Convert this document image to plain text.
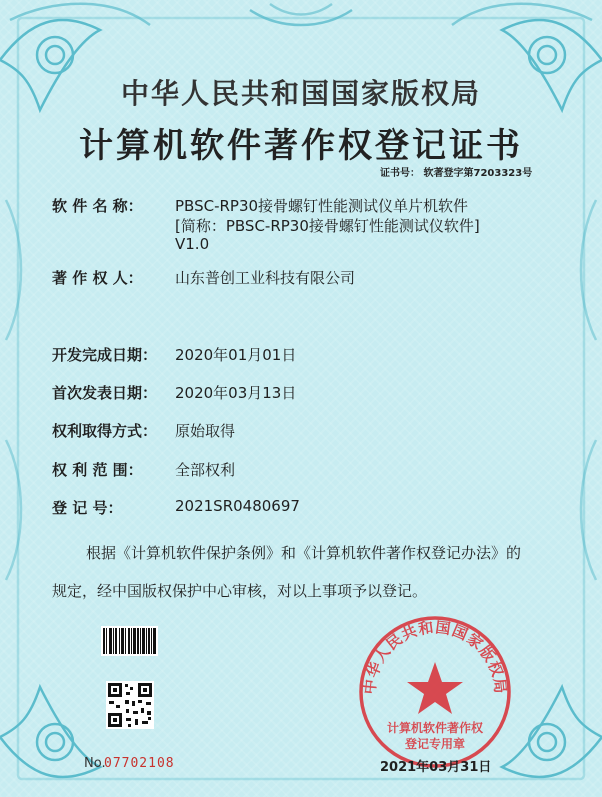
中华人民共和国国家版权局
计算机软件著作权登记证书
证书号： 软著登字第7203323号
软 件 名 称： PBSC-RP30接骨螺钉性能测试仪单片机软件
[简称：PBSC-RP30接骨螺钉性能测试仪软件]
V1.0
著 作 权 人： 山东普创工业科技有限公司
开发完成日期： 2020年01月01日
首次发表日期： 2020年03月13日
权利取得方式： 原始取得
权 利 范 围： 全部权利
登 记 号：	2021SR0480697
根据《计算机软件保护条例》和《计算机软件著作权登记办法》的
规定，经中国版权保护中心审核，对以上事项予以登记。
中华人民共和国国家版权局
计算机软件著作权
登记专用章
No.
07702108	2021年03月31日
